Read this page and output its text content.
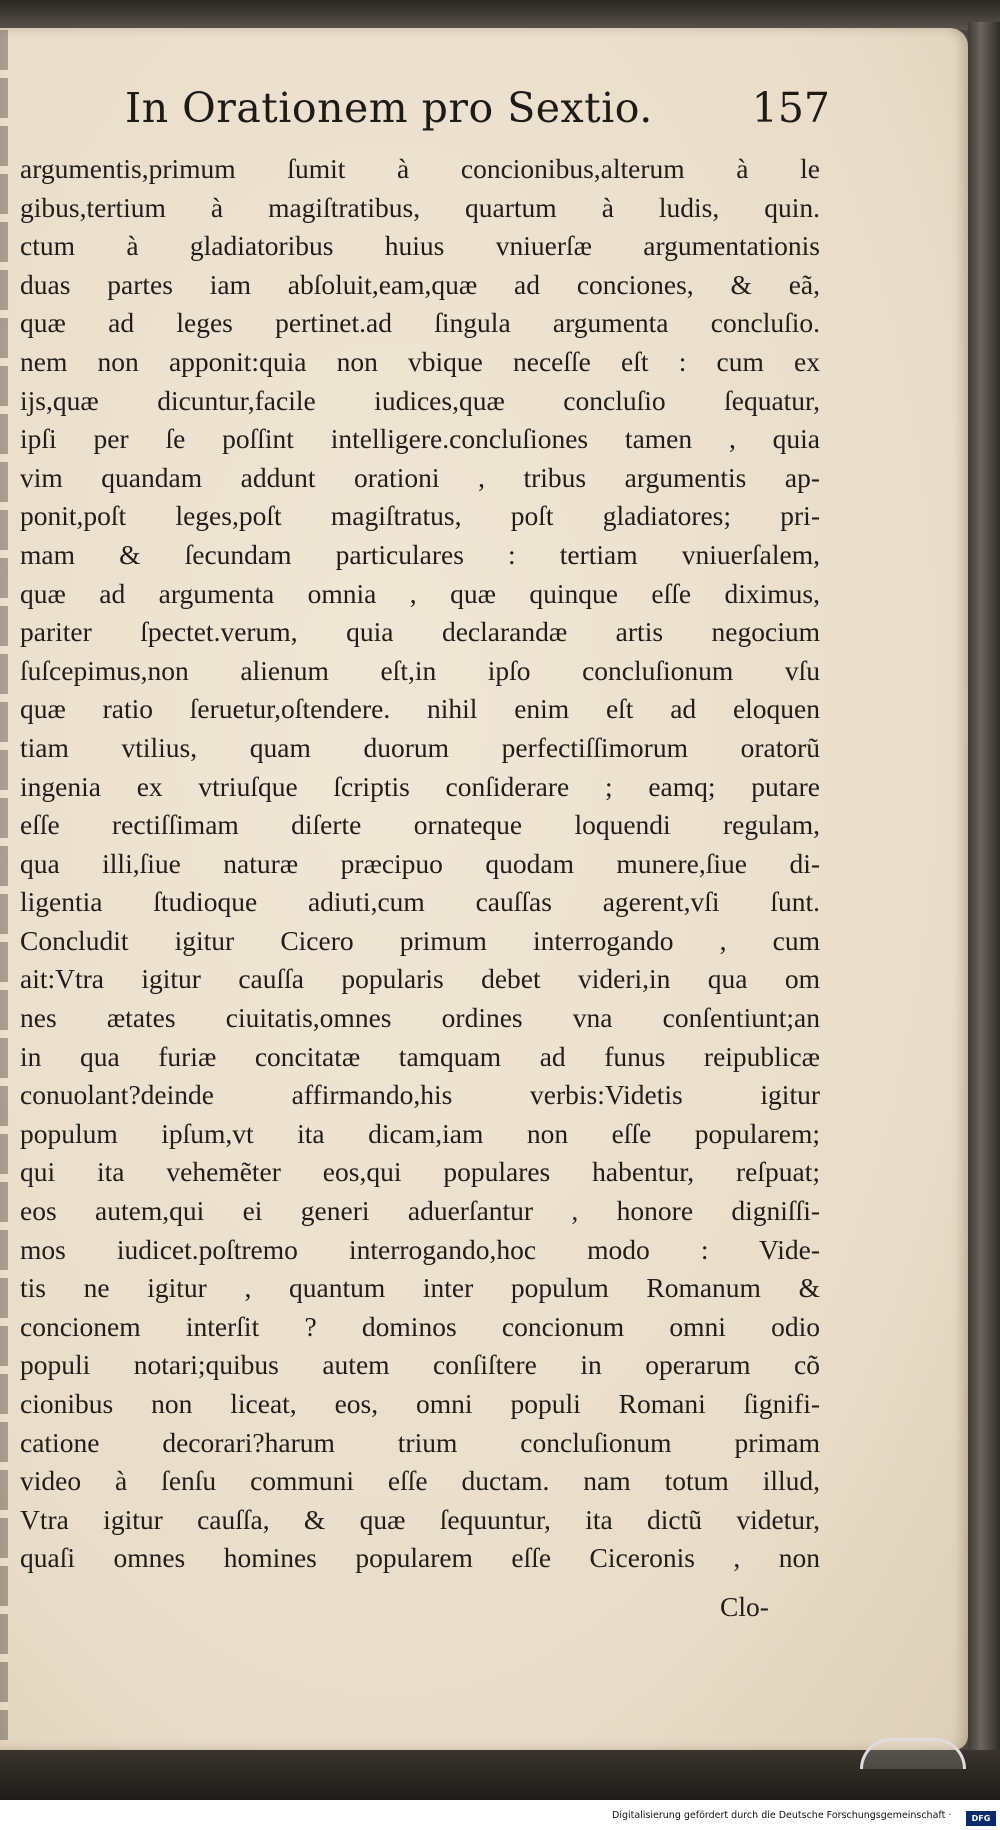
In Orationem pro Sextio. 157
argumentis,primum ſumit à concionibus,alterum à le
gibus,tertium à magiſtratibus, quartum à ludis, quin.
ctum à gladiatoribus huius vniuerſæ argumentationis
duas partes iam abſoluit,eam,quæ ad conciones, & eã,
quæ ad leges pertinet.ad ſingula argumenta concluſio.
nem non apponit:quia non vbique neceſſe eſt : cum ex
ijs,quæ dicuntur,facile iudices,quæ concluſio ſequatur,
ipſi per ſe poſſint intelligere.concluſiones tamen , quia
vim quandam addunt orationi , tribus argumentis ap-
ponit,poſt leges,poſt magiſtratus, poſt gladiatores; pri-
mam & ſecundam particulares : tertiam vniuerſalem,
quæ ad argumenta omnia , quæ quinque eſſe diximus,
pariter ſpectet.verum, quia declarandæ artis negocium
ſuſcepimus,non alienum eſt,in ipſo concluſionum vſu
quæ ratio ſeruetur,oſtendere. nihil enim eſt ad eloquen
tiam vtilius, quam duorum perfectiſſimorum oratorũ
ingenia ex vtriuſque ſcriptis conſiderare ; eamq; putare
eſſe rectiſſimam diſerte ornateque loquendi regulam,
qua illi,ſiue naturæ præcipuo quodam munere,ſiue di-
ligentia ſtudioque adiuti,cum cauſſas agerent,vſi ſunt.
Concludit igitur Cicero primum interrogando , cum
ait:Vtra igitur cauſſa popularis debet videri,in qua om
nes ætates ciuitatis,omnes ordines vna conſentiunt;an
in qua furiæ concitatæ tamquam ad funus reipublicæ
conuolant?deinde affirmando,his verbis:Videtis igitur
populum ipſum,vt ita dicam,iam non eſſe popularem;
qui ita vehemẽter eos,qui populares habentur, reſpuat;
eos autem,qui ei generi aduerſantur , honore digniſſi-
mos iudicet.poſtremo interrogando,hoc modo : Vide-
tis ne igitur , quantum inter populum Romanum &
concionem interſit ? dominos concionum omni odio
populi notari;quibus autem conſiſtere in operarum cõ
cionibus non liceat, eos, omni populi Romani ſignifi-
catione decorari?harum trium concluſionum primam
video à ſenſu communi eſſe ductam. nam totum illud,
Vtra igitur cauſſa, & quæ ſequuntur, ita dictũ videtur,
quaſi omnes homines popularem eſſe Ciceronis , non
Clo-
Digitalisierung gefördert durch die Deutsche Forschungsgemeinschaft ·	DFG
